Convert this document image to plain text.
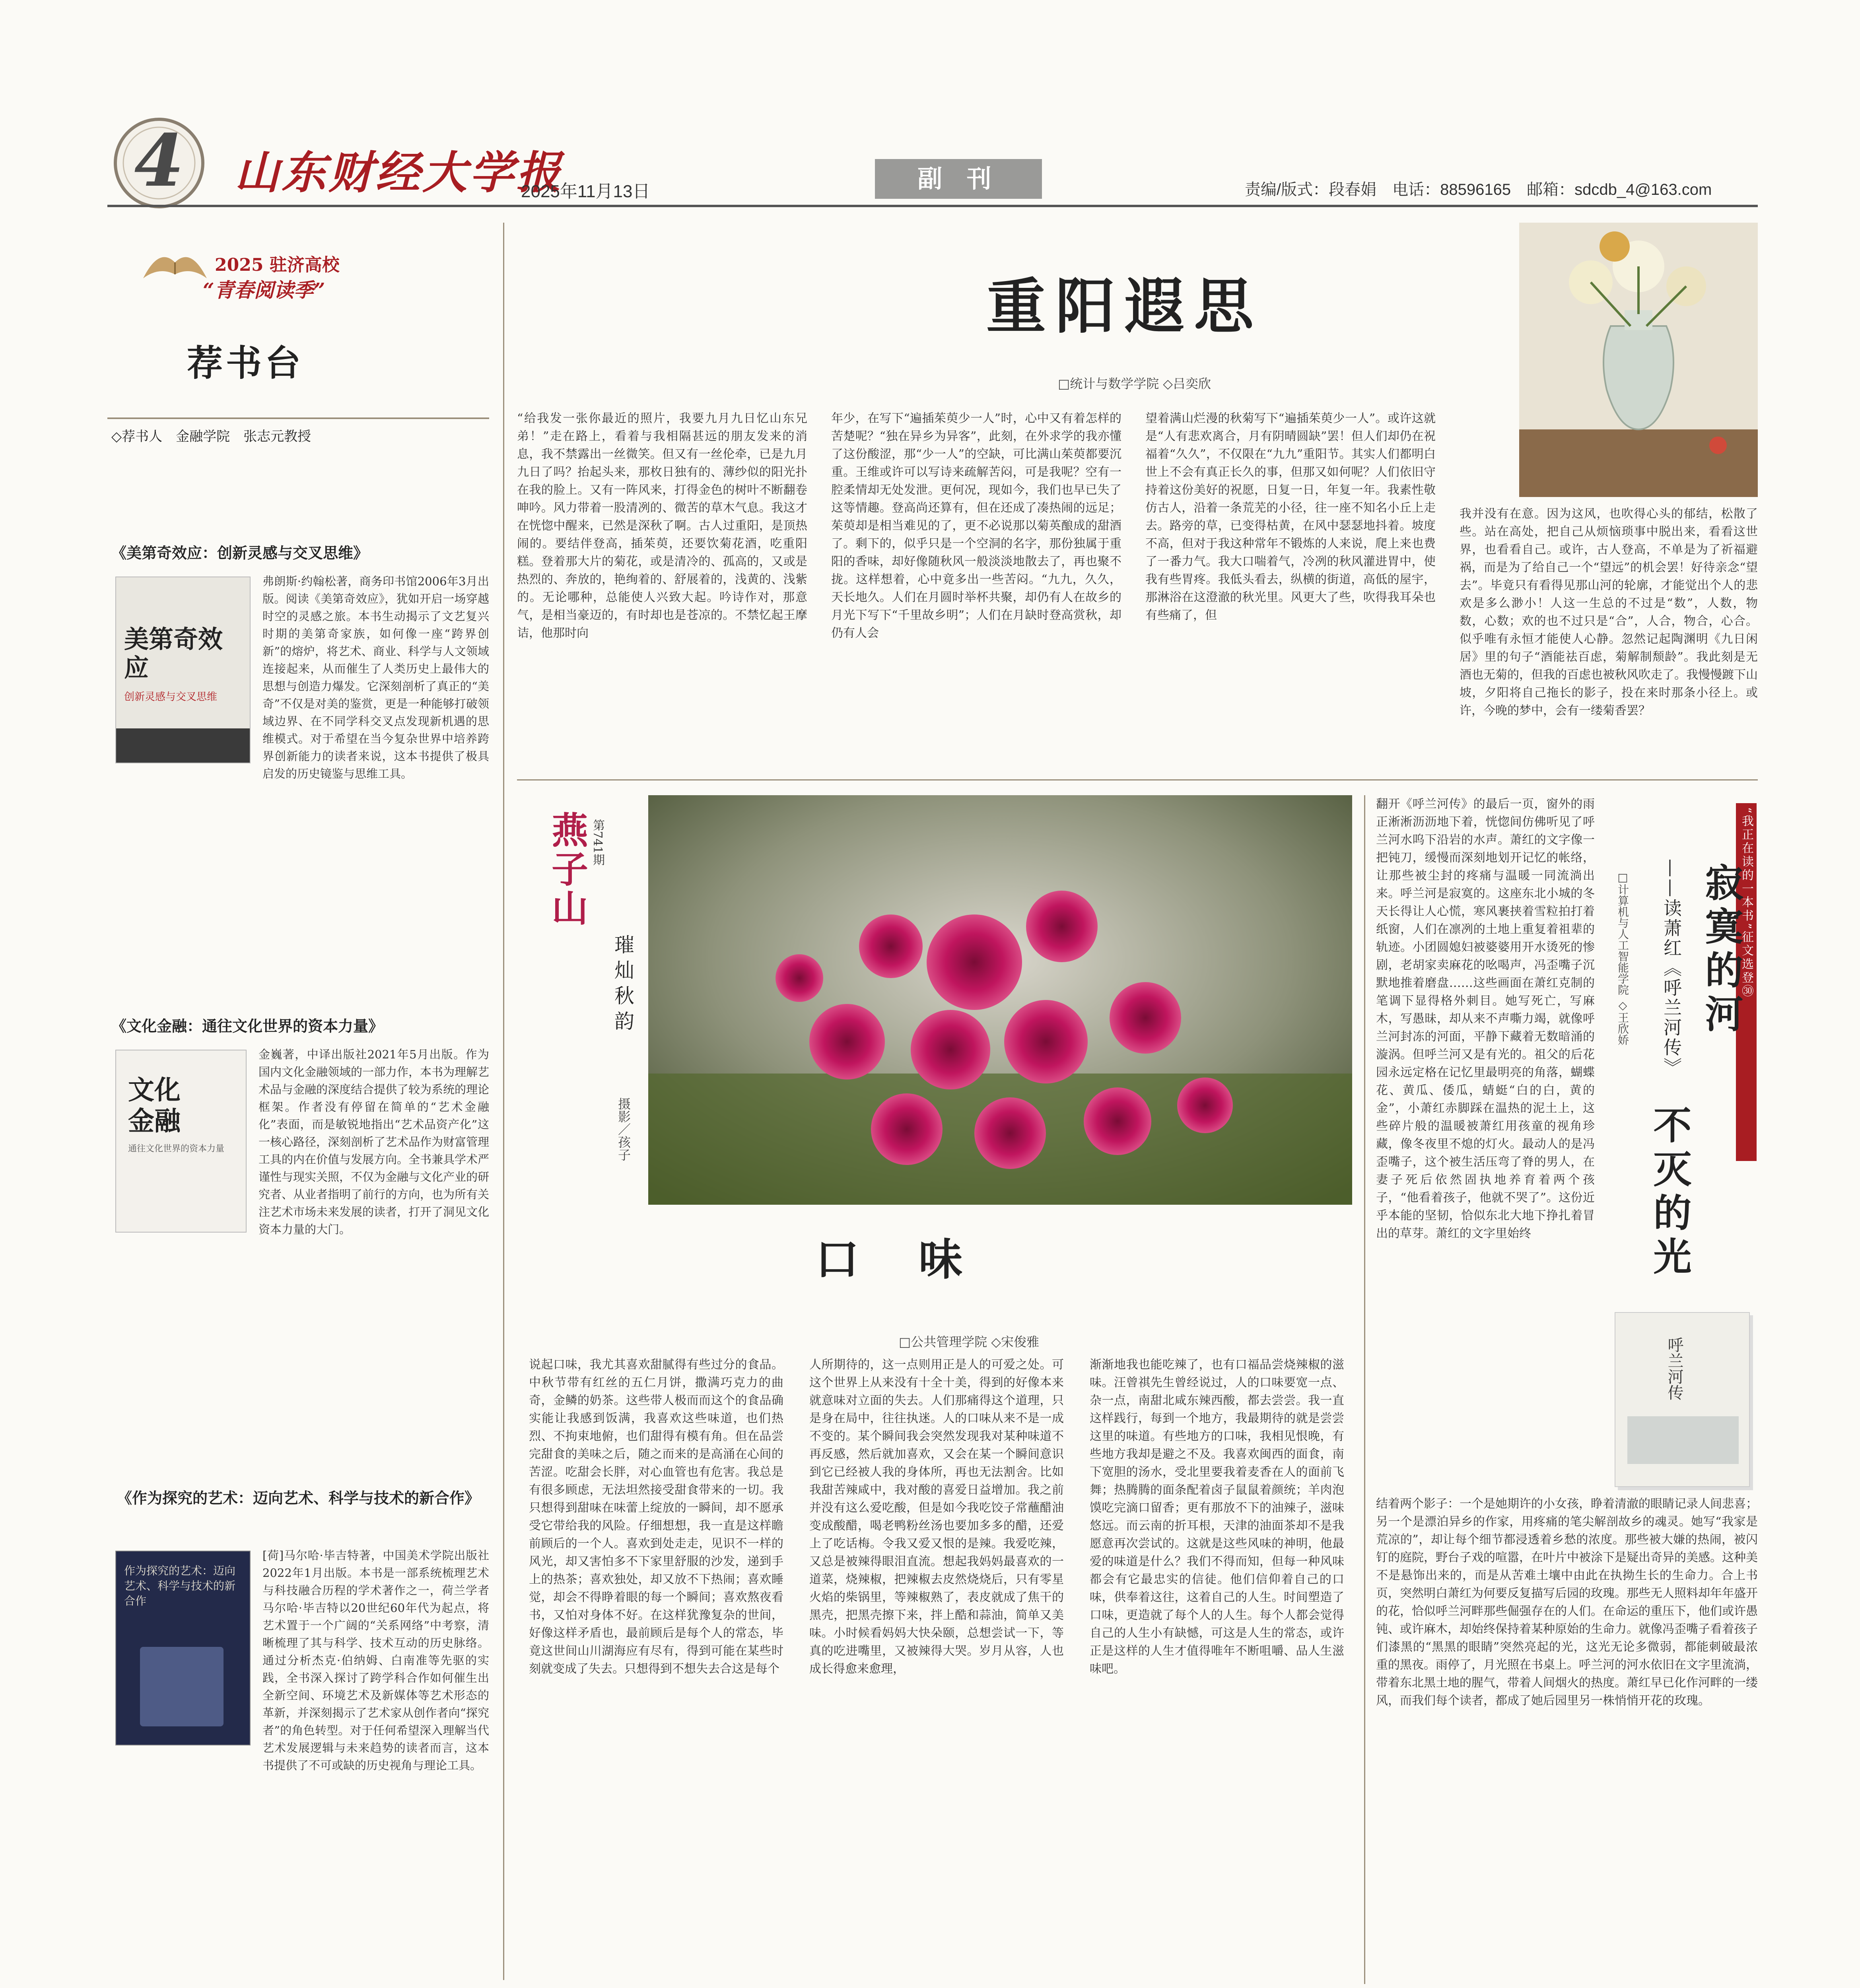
4	山东财经大学报
2025年11月13日	副 刊	责编/版式：段春娟　 电话：88596165　 邮箱：sdcdb_4@163.com
2025 驻济高校
“青春阅读季”
荐书台
◇荐书人　金融学院　张志元教授
《美第奇效应：创新灵感与交叉思维》
美第奇效应
创新灵感与交叉思维
弗朗斯·约翰松著，商务印书馆2006年3月出版。阅读《美第奇效应》，犹如开启一场穿越时空的灵感之旅。本书生动揭示了文艺复兴时期的美第奇家族，如何像一座“跨界创新”的熔炉，将艺术、商业、科学与人文领域连接起来，从而催生了人类历史上最伟大的思想与创造力爆发。它深刻剖析了真正的“美奇”不仅是对美的鉴赏，更是一种能够打破领域边界、在不同学科交叉点发现新机遇的思维模式。对于希望在当今复杂世界中培养跨界创新能力的读者来说，这本书提供了极具启发的历史镜鉴与思维工具。
《文化金融：通往文化世界的资本力量》
文化金融
通往文化世界的资本力量
金巍著，中译出版社2021年5月出版。作为国内文化金融领域的一部力作，本书为理解艺术品与金融的深度结合提供了较为系统的理论框架。作者没有停留在简单的“艺术金融化”表面，而是敏锐地指出“艺术品资产化”这一核心路径，深刻剖析了艺术品作为财富管理工具的内在价值与发展方向。全书兼具学术严谨性与现实关照，不仅为金融与文化产业的研究者、从业者指明了前行的方向，也为所有关注艺术市场未来发展的读者，打开了洞见文化资本力量的大门。
《作为探究的艺术：迈向艺术、科学与技术的新合作》
作为探究的艺术：迈向艺术、科学与技术的新合作
[荷]马尔哈·毕吉特著，中国美术学院出版社2022年1月出版。本书是一部系统梳理艺术与科技融合历程的学术著作之一，荷兰学者马尔哈·毕吉特以20世纪60年代为起点，将艺术置于一个广阔的“关系网络”中考察，清晰梳理了其与科学、技术互动的历史脉络。通过分析杰克·伯纳姆、白南准等先驱的实践，全书深入探讨了跨学科合作如何催生出全新空间、环境艺术及新媒体等艺术形态的革新，并深刻揭示了艺术家从创作者向“探究者”的角色转型。对于任何希望深入理解当代艺术发展逻辑与未来趋势的读者而言，这本书提供了不可或缺的历史视角与理论工具。
重阳遐思
□统计与数学学院 ◇吕奕欣
“给我发一张你最近的照片，我要九月九日忆山东兄弟！”走在路上，看着与我相隔甚远的朋友发来的消息，我不禁露出一丝微笑。但又有一丝伦牵，已是九月九日了吗？抬起头来，那枚日独有的、薄纱似的阳光扑在我的脸上。又有一阵风来，打得金色的树叶不断翻卷呻吟。风力带着一股清冽的、微苦的草木气息。我这才在恍惚中醒来，已然是深秋了啊。古人过重阳，是顶热闹的。要结伴登高，插茱萸，还要饮菊花酒，吃重阳糕。登着那大片的菊花，或是清冷的、孤高的，又或是热烈的、奔放的，艳绚着的、舒展着的，浅黄的、浅紫的。无论哪种，总能使人兴致大起。吟诗作对，那意气，是相当豪迈的，有时却也是苍凉的。不禁忆起王摩诘，他那时向
年少，在写下“遍插茱萸少一人”时，心中又有着怎样的苦楚呢？“独在异乡为异客”，此刻，在外求学的我亦懂了这份酸涩，那“少一人”的空缺，可比满山茱萸都要沉重。王维或许可以写诗来疏解苦闷，可是我呢？空有一腔柔情却无处发泄。更何况，现如今，我们也早已失了这等情趣。登高尚还算有，但在还成了凑热闹的远足；茱萸却是相当难见的了，更不必说那以菊英酿成的甜酒了。剩下的，似乎只是一个空洞的名字，那份独属于重阳的香味，却好像随秋风一般淡淡地散去了，再也聚不拢。这样想着，心中竟多出一些苦闷。“九九，久久，天长地久。人们在月圆时举杯共聚，却仍有人在故乡的月光下写下“千里故乡明”；人们在月缺时登高赏秋，却仍有人会
望着满山烂漫的秋菊写下“遍插茱萸少一人”。或许这就是“人有悲欢离合，月有阴晴圆缺”罢！但人们却仍在祝福着“久久”，不仅限在“九九”重阳节。其实人们都明白世上不会有真正长久的事，但那又如何呢？人们依旧守持着这份美好的祝愿，日复一日，年复一年。我素性敬仿古人，沿着一条荒芜的小径，往一座不知名小丘上走去。路旁的草，已变得枯黄，在风中瑟瑟地抖着。坡度不高，但对于我这种常年不锻炼的人来说，爬上来也费了一番力气。我大口喘着气，冷冽的秋风灌进胃中，使我有些胃疼。我低头看去，纵横的街道，高低的屋宇，那淋浴在这澄澈的秋光里。风更大了些，吹得我耳朵也有些痛了，但
我并没有在意。因为这风，也吹得心头的郁结，松散了些。站在高处，把自己从烦恼琐事中脱出来，看看这世界，也看看自己。或许，古人登高，不单是为了祈福避祸，而是为了给自己一个“望远”的机会罢！好待亲念“望去”。毕竟只有看得见那山河的轮廓，才能觉出个人的悲欢是多么渺小！人这一生总的不过是“数”，人数，物数，心数；欢的也不过只是“合”，人合，物合，心合。似乎唯有永恒才能使人心静。忽然记起陶渊明《九日闲居》里的句子“酒能祛百虑，菊解制颓龄”。我此刻是无酒也无菊的，但我的百虑也被秋风吹走了。我慢慢踱下山坡，夕阳将自己拖长的影子，投在来时那条小径上。或许，今晚的梦中，会有一缕菊香罢？
燕子山 第741期
璀灿秋韵
摄影／孩子
口　味
□公共管理学院 ◇宋俊雅
说起口味，我尤其喜欢甜腻得有些过分的食品。中秋节带有红丝的五仁月饼，撒满巧克力的曲奇，金鳞的奶茶。这些带人极而而这个的食品确实能让我感到饭满，我喜欢这些味道，也们热烈、不拘束地俯，也们甜得有模有角。但在品尝完甜食的美味之后，随之而来的是高涌在心间的苦涩。吃甜会长胖，对心血管也有危害。我总是有很多顾虑，无法坦然接受甜食带来的一切。我只想得到甜味在味蕾上绽放的一瞬间，却不愿承受它带给我的风险。仔细想想，我一直是这样瞻前顾后的一个人。喜欢到处走走，见识不一样的风光，却又害怕多不下家里舒服的沙发，递到手上的热茶；喜欢独处，却又放不下热闹；喜欢睡觉，却会不得睁着眼的每一个瞬间；喜欢熬夜看书，又怕对身体不好。在这样犹豫复杂的世间，好像这样矛盾也，最前顾后是每个人的常态，毕竟这世间山川湖海应有尽有，得到可能在某些时刻就变成了失去。只想得到不想失去合这是每个
人所期待的，这一点则用正是人的可爱之处。可这个世界上从来没有十全十美，得到的好像本来就意味对立面的失去。人们那痛得这个道理，只是身在局中，往往执迷。人的口味从来不是一成不变的。某个瞬间我会突然发现我对某种味道不再反感，然后就加喜欢，又会在某一个瞬间意识到它已经被人我的身体所，再也无法割舍。比如我甜苦辣咸中，我对酸的喜爱日益增加。我之前并没有这么爱吃酸，但是如今我吃饺子常蘸醋油变成酸醋，喝老鸭粉丝汤也要加多多的醋，还爱上了吃话梅。令我又爱又恨的是辣。我爱吃辣，又总是被辣得眼泪直流。想起我妈妈最喜欢的一道菜，烧辣椒，把辣椒去皮然烧烧后，只有零星火焰的柴锅里，等辣椒熟了，表皮就成了焦干的黑壳，把黑壳擦下来，拌上酷和蒜油，简单又美味。小时候看妈妈大快朵颐，总想尝试一下，等真的吃进嘴里，又被辣得大哭。岁月从容，人也成长得愈来愈理，
渐渐地我也能吃辣了，也有口福品尝烧辣椒的滋味。汪曾祺先生曾经说过，人的口味要宽一点、杂一点，南甜北咸东辣西酸，都去尝尝。我一直这样践行，每到一个地方，我最期待的就是尝尝这里的味道。有些地方的口味，我相见恨晚，有些地方我却是避之不及。我喜欢闽西的面食，南下宽胆的汤水，受北里要我着麦香在人的面前飞舞；热腾腾的面条配着卤子鼠鼠着颜统；羊肉泡馍吃完滴口留香；更有那放不下的油辣子，滋味悠远。而云南的折耳根，天津的油面茶却不是我愿意再次尝试的。这就是这些风味的神明，他最爱的味道是什么？我们不得而知，但每一种风味都会有它最忠实的信徒。他们信仰着自己的口味，供奉着这往，这着自己的人生。时间塑造了口味，更造就了每个人的人生。每个人都会觉得自己的人生小有缺憾，可这是人生的常态，或许正是这样的人生才值得唯年不断咀嚼、品人生滋味吧。
翻开《呼兰河传》的最后一页，窗外的雨正淅淅沥沥地下着，恍惚间仿佛听见了呼兰河水呜下沿岩的水声。萧红的文字像一把钝刀，缓慢而深刻地划开记忆的帐络，让那些被尘封的疼痛与温暖一同流淌出来。呼兰河是寂寞的。这座东北小城的冬天长得让人心慌，寒风裹挟着雪粒拍打着纸窗，人们在凛冽的土地上重复着祖辈的轨迹。小团圆媳妇被婆婆用开水烫死的惨剧，老胡家卖麻花的吆喝声，冯歪嘴子沉默地推着磨盘……这些画面在萧红克制的笔调下显得格外刺目。她写死亡，写麻木，写愚昧，却从来不声嘶力竭，就像呼兰河封冻的河面，平静下藏着无数暗涌的漩涡。但呼兰河又是有光的。祖父的后花园永远定格在记忆里最明亮的角落，蝴蝶花、黄瓜、倭瓜，蜻蜓“白的白，黄的金”，小萧红赤脚踩在温热的泥土上，这些碎片般的温暖被萧红用孩童的视角珍藏，像冬夜里不熄的灯火。最动人的是冯歪嘴子，这个被生活压弯了脊的男人，在妻子死后依然固执地养育着两个孩子，“他看着孩子，他就不哭了”。这份近乎本能的坚韧，恰似东北大地下挣扎着冒出的草芽。萧红的文字里始终
“我正在读的一本书”征文选登㉚
寂寞的河
不灭的光
——读萧红《呼兰河传》
□计算机与人工智能学院 ◇王欣娇
呼兰河传
结着两个影子：一个是她期许的小女孩，睁着清澈的眼睛记录人间悲喜；另一个是漂泊异乡的作家，用疼痛的笔尖解剖故乡的魂灵。她写“我家是荒凉的”，却让每个细节都浸透着乡愁的浓度。那些被大嫌的热闹，被闪钉的庭院，野台子戏的喧嚣，在叶片中被涂下是疑出奇异的美感。这种美不是悬饰出来的，而是从苦难土壤中由此在执拗生长的生命力。合上书页，突然明白萧红为何要反复描写后园的玫瑰。那些无人照料却年年盛开的花，恰似呼兰河畔那些倔强存在的人们。在命运的重压下，他们或许愚钝、或许麻木，却始终保持着某种原始的生命力。就像冯歪嘴子看着孩子们漆黑的“黑黑的眼睛”突然亮起的光，这光无论多微弱，都能刺破最浓重的黑夜。雨停了，月光照在书桌上。呼兰河的河水依旧在文字里流淌，带着东北黑土地的腥气，带着人间烟火的热度。萧红早已化作河畔的一缕风，而我们每个读者，都成了她后园里另一株悄悄开花的玫瑰。
